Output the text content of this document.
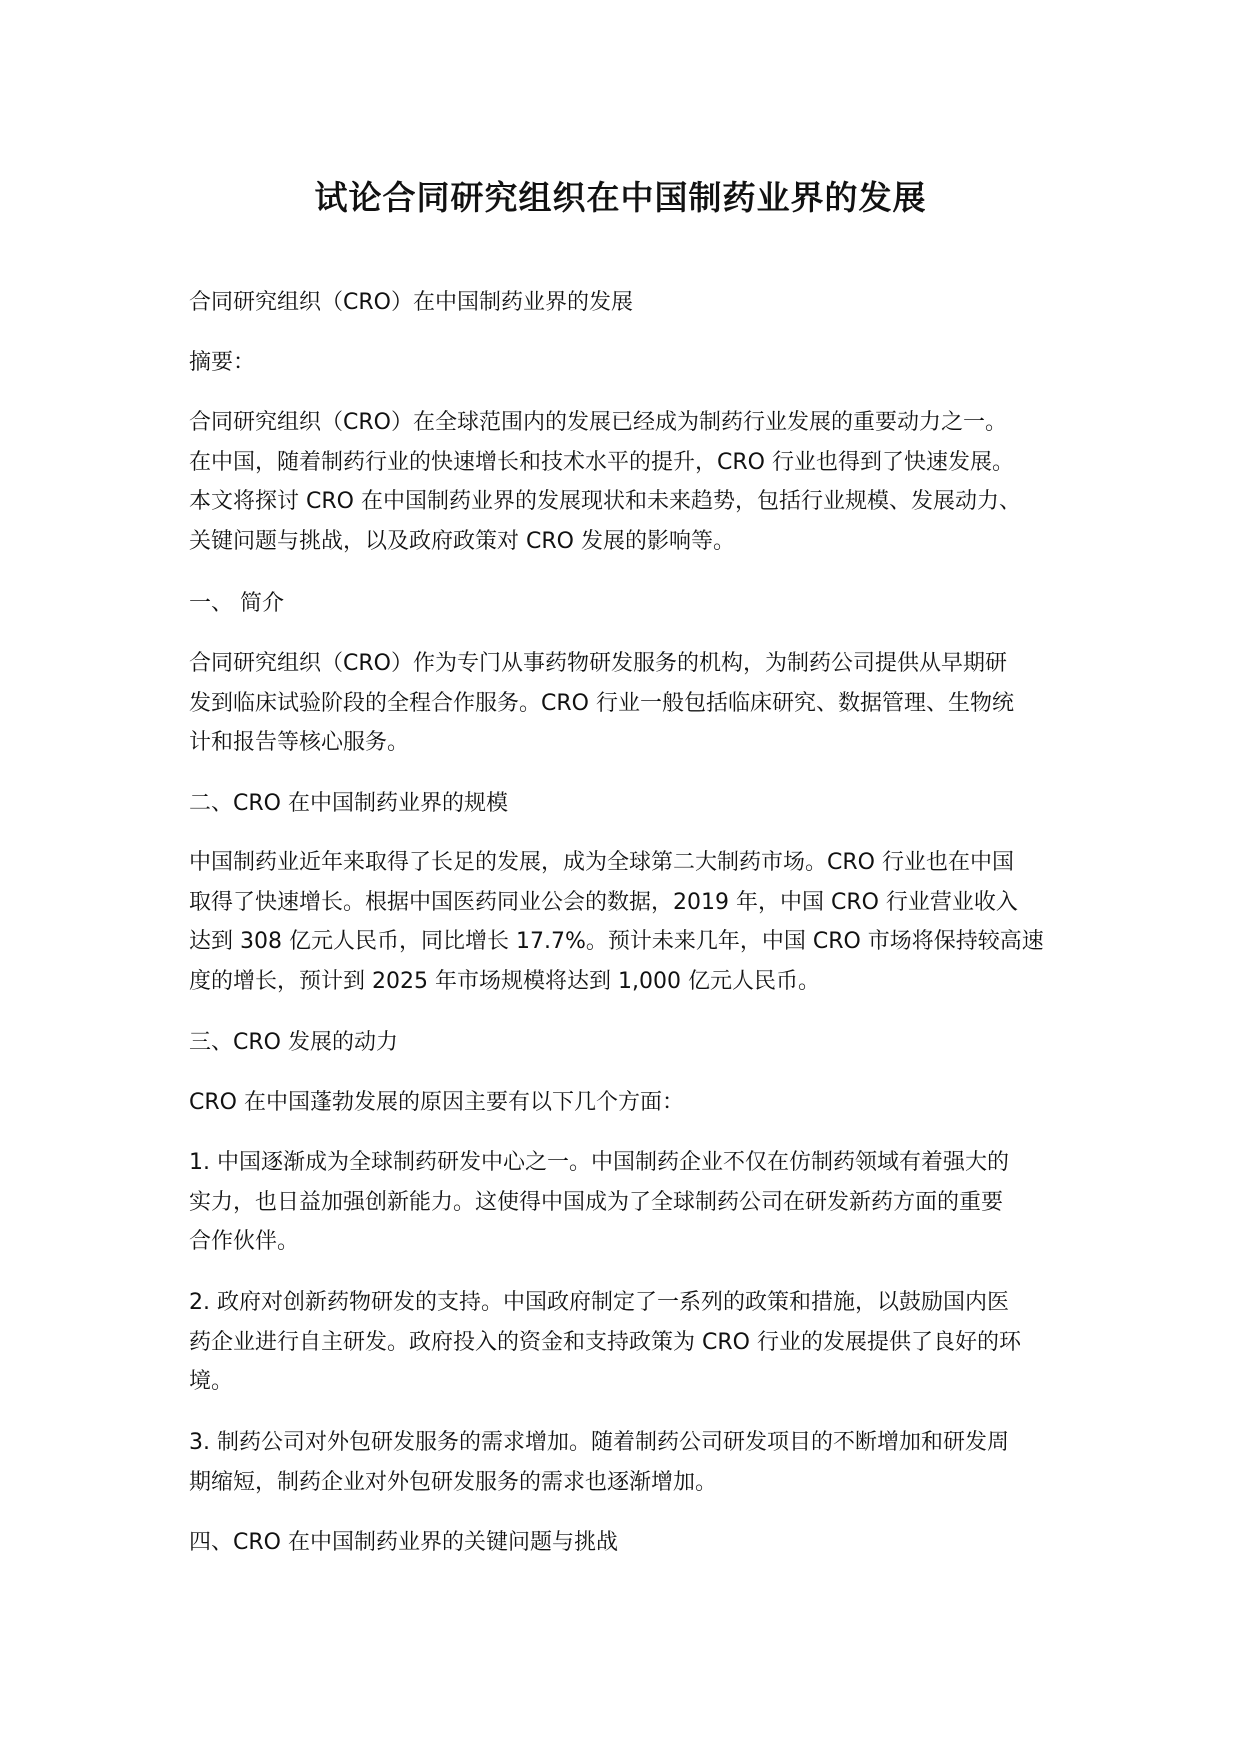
试论合同研究组织在中国制药业界的发展

合同研究组织（CRO）在中国制药业界的发展

摘要：

合同研究组织（CRO）在全球范围内的发展已经成为制药行业发展的重要动力之一。
在中国，随着制药行业的快速增长和技术水平的提升，CRO 行业也得到了快速发展。
本文将探讨 CRO 在中国制药业界的发展现状和未来趋势，包括行业规模、发展动力、
关键问题与挑战，以及政府政策对 CRO 发展的影响等。

一、 简介

合同研究组织（CRO）作为专门从事药物研发服务的机构，为制药公司提供从早期研
发到临床试验阶段的全程合作服务。CRO 行业一般包括临床研究、数据管理、生物统
计和报告等核心服务。

二、CRO 在中国制药业界的规模

中国制药业近年来取得了长足的发展，成为全球第二大制药市场。CRO 行业也在中国
取得了快速增长。根据中国医药同业公会的数据，2019 年，中国 CRO 行业营业收入
达到 308 亿元人民币，同比增长 17.7%。预计未来几年，中国 CRO 市场将保持较高速
度的增长，预计到 2025 年市场规模将达到 1,000 亿元人民币。

三、CRO 发展的动力

CRO 在中国蓬勃发展的原因主要有以下几个方面：

1. 中国逐渐成为全球制药研发中心之一。中国制药企业不仅在仿制药领域有着强大的
实力，也日益加强创新能力。这使得中国成为了全球制药公司在研发新药方面的重要
合作伙伴。
2. 政府对创新药物研发的支持。中国政府制定了一系列的政策和措施，以鼓励国内医
药企业进行自主研发。政府投入的资金和支持政策为 CRO 行业的发展提供了良好的环
境。
3. 制药公司对外包研发服务的需求增加。随着制药公司研发项目的不断增加和研发周
期缩短，制药企业对外包研发服务的需求也逐渐增加。

四、CRO 在中国制药业界的关键问题与挑战
